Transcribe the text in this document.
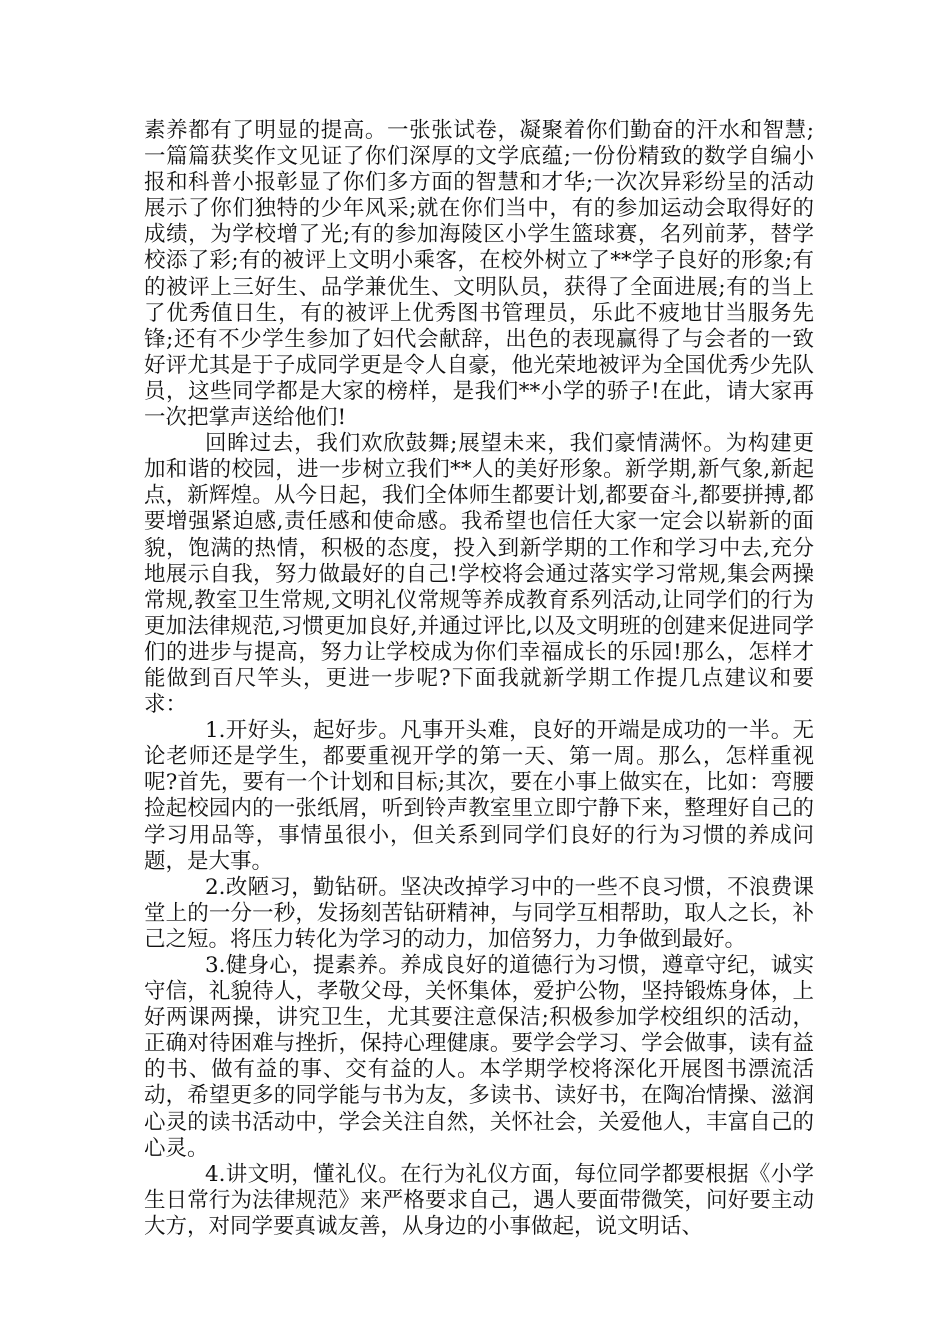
素养都有了明显的提高。一张张试卷，凝聚着你们勤奋的汗水和智慧;一篇篇获奖作文见证了你们深厚的文学底蕴;一份份精致的数学自编小报和科普小报彰显了你们多方面的智慧和才华;一次次异彩纷呈的活动展示了你们独特的少年风采;就在你们当中，有的参加运动会取得好的成绩，为学校增了光;有的参加海陵区小学生篮球赛，名列前茅，替学校添了彩;有的被评上文明小乘客，在校外树立了**学子良好的形象;有的被评上三好生、品学兼优生、文明队员，获得了全面进展;有的当上了优秀值日生，有的被评上优秀图书管理员，乐此不疲地甘当服务先锋;还有不少学生参加了妇代会献辞，出色的表现赢得了与会者的一致好评尤其是于子成同学更是令人自豪，他光荣地被评为全国优秀少先队员，这些同学都是大家的榜样，是我们**小学的骄子!在此，请大家再一次把掌声送给他们!

回眸过去，我们欢欣鼓舞;展望未来，我们豪情满怀。为构建更加和谐的校园，进一步树立我们**人的美好形象。新学期,新气象,新起点，新辉煌。从今日起，我们全体师生都要计划,都要奋斗,都要拼搏,都要增强紧迫感,责任感和使命感。我希望也信任大家一定会以崭新的面貌，饱满的热情，积极的态度，投入到新学期的工作和学习中去,充分地展示自我，努力做最好的自己!学校将会通过落实学习常规,集会两操常规,教室卫生常规,文明礼仪常规等养成教育系列活动,让同学们的行为更加法律规范,习惯更加良好,并通过评比,以及文明班的创建来促进同学们的进步与提高，努力让学校成为你们幸福成长的乐园!那么，怎样才能做到百尺竿头，更进一步呢?下面我就新学期工作提几点建议和要求：

1.开好头，起好步。凡事开头难，良好的开端是成功的一半。无论老师还是学生，都要重视开学的第一天、第一周。那么，怎样重视呢?首先，要有一个计划和目标;其次，要在小事上做实在，比如：弯腰捡起校园内的一张纸屑，听到铃声教室里立即宁静下来，整理好自己的学习用品等，事情虽很小，但关系到同学们良好的行为习惯的养成问题，是大事。

2.改陋习，勤钻研。坚决改掉学习中的一些不良习惯，不浪费课堂上的一分一秒，发扬刻苦钻研精神，与同学互相帮助，取人之长，补己之短。将压力转化为学习的动力，加倍努力，力争做到最好。

3.健身心，提素养。养成良好的道德行为习惯，遵章守纪，诚实守信，礼貌待人，孝敬父母，关怀集体，爱护公物，坚持锻炼身体，上好两课两操，讲究卫生，尤其要注意保洁;积极参加学校组织的活动，正确对待困难与挫折，保持心理健康。要学会学习、学会做事，读有益的书、做有益的事、交有益的人。本学期学校将深化开展图书漂流活动，希望更多的同学能与书为友，多读书、读好书，在陶冶情操、滋润心灵的读书活动中，学会关注自然，关怀社会，关爱他人，丰富自己的心灵。

4.讲文明，懂礼仪。在行为礼仪方面，每位同学都要根据《小学生日常行为法律规范》来严格要求自己，遇人要面带微笑，问好要主动大方，对同学要真诚友善，从身边的小事做起，说文明话、
